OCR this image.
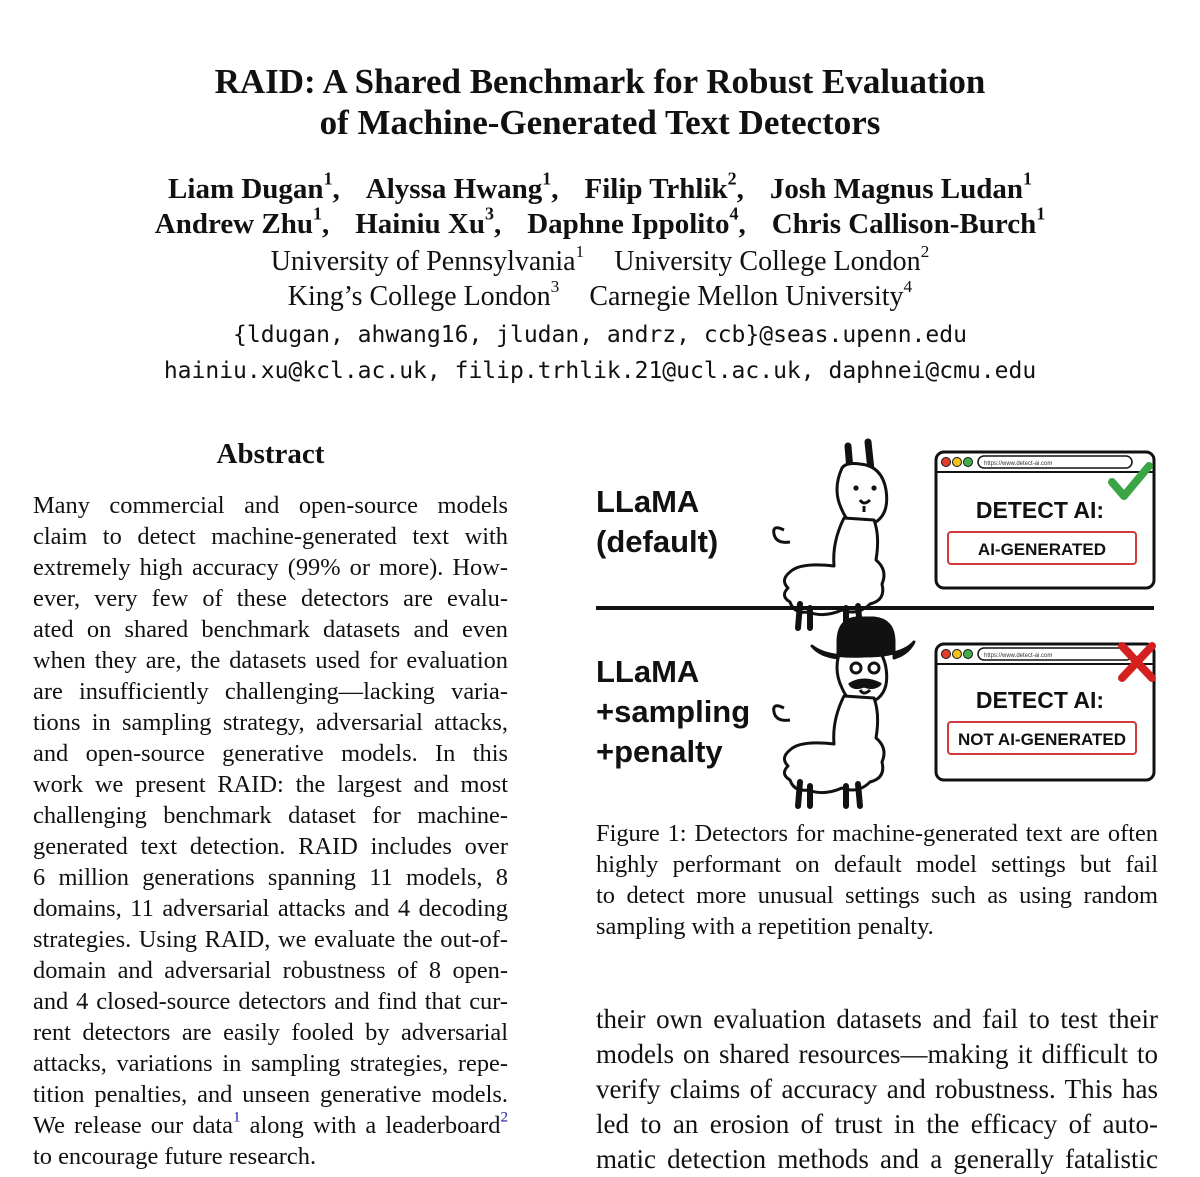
RAID: A Shared Benchmark for Robust Evaluation
of Machine-Generated Text Detectors
Liam Dugan$^1$, Alyssa Hwang$^1$, Filip Trhlik$^2$, Josh Magnus Ludan$^1$
Andrew Zhu$^1$, Hainiu Xu$^3$, Daphne Ippolito$^4$, Chris Callison-Burch$^1$
University of Pennsylvania$^1$ University College London$^2$
King’s College London$^3$ Carnegie Mellon University$^4$
{ldugan, ahwang16, jludan, andrz, ccb}@seas.upenn.edu
hainiu.xu@kcl.ac.uk, filip.trhlik.21@ucl.ac.uk, daphnei@cmu.edu
Abstract
Many commercial and open-source models
claim to detect machine-generated text with
extremely high accuracy (99% or more). How-
ever, very few of these detectors are evalu-
ated on shared benchmark datasets and even
when they are, the datasets used for evaluation
are insufficiently challenging—lacking varia-
tions in sampling strategy, adversarial attacks,
and open-source generative models. In this
work we present RAID: the largest and most
challenging benchmark dataset for machine-
generated text detection. RAID includes over
6 million generations spanning 11 models, 8
domains, 11 adversarial attacks and 4 decoding
strategies. Using RAID, we evaluate the out-of-
domain and adversarial robustness of 8 open-
and 4 closed-source detectors and find that cur-
rent detectors are easily fooled by adversarial
attacks, variations in sampling strategies, repe-
tition penalties, and unseen generative models.
We release our data$^1$ along with a leaderboard$^2$
to encourage future research.
LLaMA
(default)
https://www.detect-ai.com
DETECT AI:
AI-GENERATED
LLaMA
+sampling
+penalty
https://www.detect-ai.com
DETECT AI:
NOT AI-GENERATED
Figure 1: Detectors for machine-generated text are often
highly performant on default model settings but fail
to detect more unusual settings such as using random
sampling with a repetition penalty.
their own evaluation datasets and fail to test their
models on shared resources—making it difficult to
verify claims of accuracy and robustness. This has
led to an erosion of trust in the efficacy of auto-
matic detection methods and a generally fatalistic
